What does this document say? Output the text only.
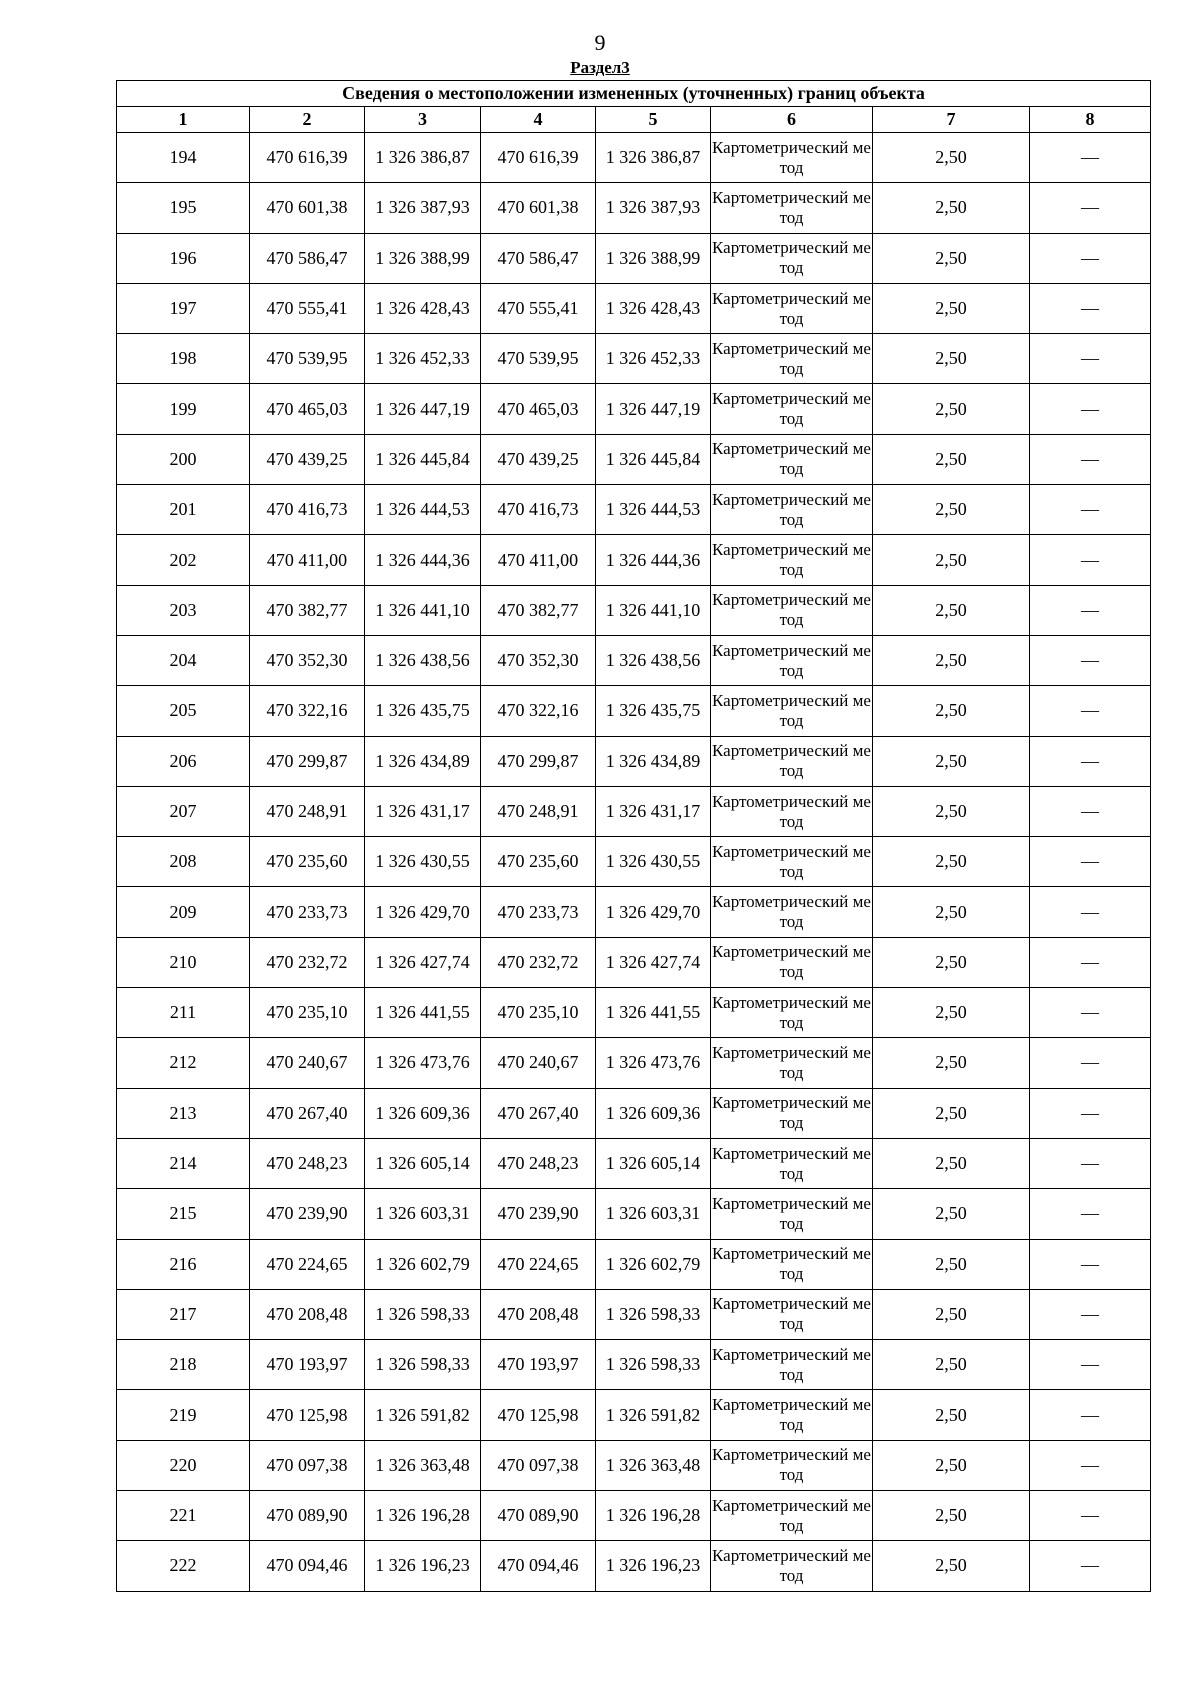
9
Раздел3
Сведения о местоположении измененных (уточненных) границ объекта							
1	2	3	4	5	6	7	8
194	470 616,39	1 326 386,87	470 616,39	1 326 386,87	Картометрический метод	2,50	—
195	470 601,38	1 326 387,93	470 601,38	1 326 387,93	Картометрический метод	2,50	—
196	470 586,47	1 326 388,99	470 586,47	1 326 388,99	Картометрический метод	2,50	—
197	470 555,41	1 326 428,43	470 555,41	1 326 428,43	Картометрический метод	2,50	—
198	470 539,95	1 326 452,33	470 539,95	1 326 452,33	Картометрический метод	2,50	—
199	470 465,03	1 326 447,19	470 465,03	1 326 447,19	Картометрический метод	2,50	—
200	470 439,25	1 326 445,84	470 439,25	1 326 445,84	Картометрический метод	2,50	—
201	470 416,73	1 326 444,53	470 416,73	1 326 444,53	Картометрический метод	2,50	—
202	470 411,00	1 326 444,36	470 411,00	1 326 444,36	Картометрический метод	2,50	—
203	470 382,77	1 326 441,10	470 382,77	1 326 441,10	Картометрический метод	2,50	—
204	470 352,30	1 326 438,56	470 352,30	1 326 438,56	Картометрический метод	2,50	—
205	470 322,16	1 326 435,75	470 322,16	1 326 435,75	Картометрический метод	2,50	—
206	470 299,87	1 326 434,89	470 299,87	1 326 434,89	Картометрический метод	2,50	—
207	470 248,91	1 326 431,17	470 248,91	1 326 431,17	Картометрический метод	2,50	—
208	470 235,60	1 326 430,55	470 235,60	1 326 430,55	Картометрический метод	2,50	—
209	470 233,73	1 326 429,70	470 233,73	1 326 429,70	Картометрический метод	2,50	—
210	470 232,72	1 326 427,74	470 232,72	1 326 427,74	Картометрический метод	2,50	—
211	470 235,10	1 326 441,55	470 235,10	1 326 441,55	Картометрический метод	2,50	—
212	470 240,67	1 326 473,76	470 240,67	1 326 473,76	Картометрический метод	2,50	—
213	470 267,40	1 326 609,36	470 267,40	1 326 609,36	Картометрический метод	2,50	—
214	470 248,23	1 326 605,14	470 248,23	1 326 605,14	Картометрический метод	2,50	—
215	470 239,90	1 326 603,31	470 239,90	1 326 603,31	Картометрический метод	2,50	—
216	470 224,65	1 326 602,79	470 224,65	1 326 602,79	Картометрический метод	2,50	—
217	470 208,48	1 326 598,33	470 208,48	1 326 598,33	Картометрический метод	2,50	—
218	470 193,97	1 326 598,33	470 193,97	1 326 598,33	Картометрический метод	2,50	—
219	470 125,98	1 326 591,82	470 125,98	1 326 591,82	Картометрический метод	2,50	—
220	470 097,38	1 326 363,48	470 097,38	1 326 363,48	Картометрический метод	2,50	—
221	470 089,90	1 326 196,28	470 089,90	1 326 196,28	Картометрический метод	2,50	—
222	470 094,46	1 326 196,23	470 094,46	1 326 196,23	Картометрический метод	2,50	—
